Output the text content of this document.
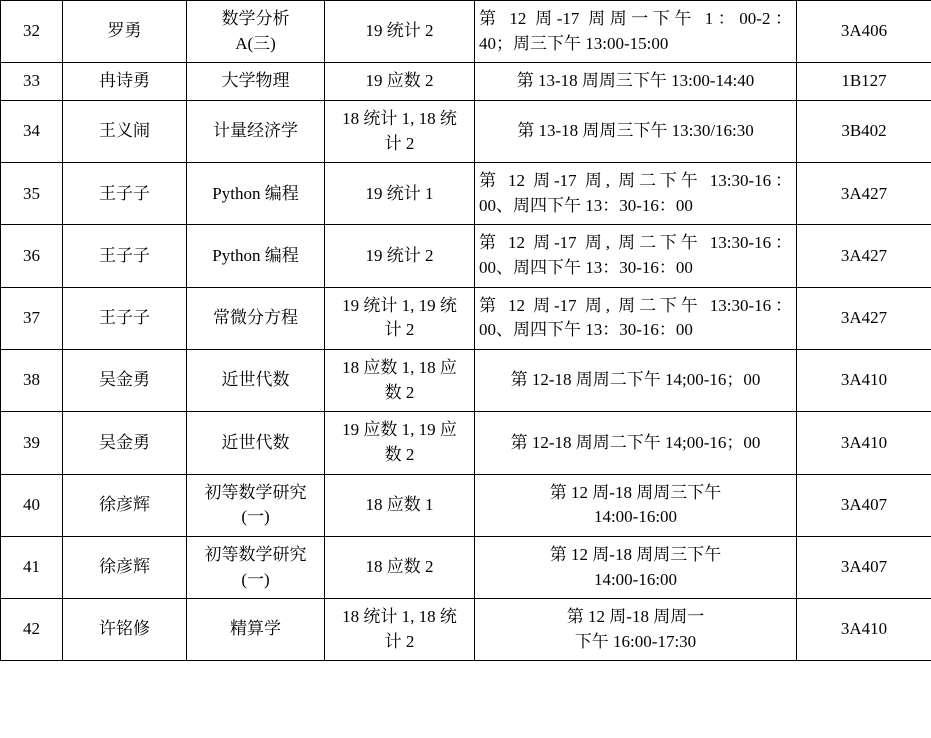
32	罗勇	数学分析
A(三)	19 统计 2	第 12 周-17 周周一下午 1：00-2：
40；周三下午 13:00-15:00	3A406
33	冉诗勇	大学物理	19 应数 2	第 13-18 周周三下午 13:00-14:40	1B127
34	王义闹	计量经济学	18 统计 1, 18 统
计 2	第 13-18 周周三下午 13:30/16:30	3B402
35	王子子	Python 编程	19 统计 1	第 12 周-17 周, 周二下午 13:30-16：
00、周四下午 13：30-16：00	3A427
36	王子子	Python 编程	19 统计 2	第 12 周-17 周, 周二下午 13:30-16：
00、周四下午 13：30-16：00	3A427
37	王子子	常微分方程	19 统计 1, 19 统
计 2	第 12 周-17 周, 周二下午 13:30-16：
00、周四下午 13：30-16：00	3A427
38	吴金勇	近世代数	18 应数 1, 18 应
数 2	第 12-18 周周二下午 14;00-16；00	3A410
39	吴金勇	近世代数	19 应数 1, 19 应
数 2	第 12-18 周周二下午 14;00-16；00	3A410
40	徐彦辉	初等数学研究
(一)	18 应数 1	第 12 周-18 周周三下午
14:00-16:00	3A407
41	徐彦辉	初等数学研究
(一)	18 应数 2	第 12 周-18 周周三下午
14:00-16:00	3A407
42	许铭修	精算学	18 统计 1, 18 统
计 2	第 12 周-18 周周一
下午 16:00-17:30	3A410
